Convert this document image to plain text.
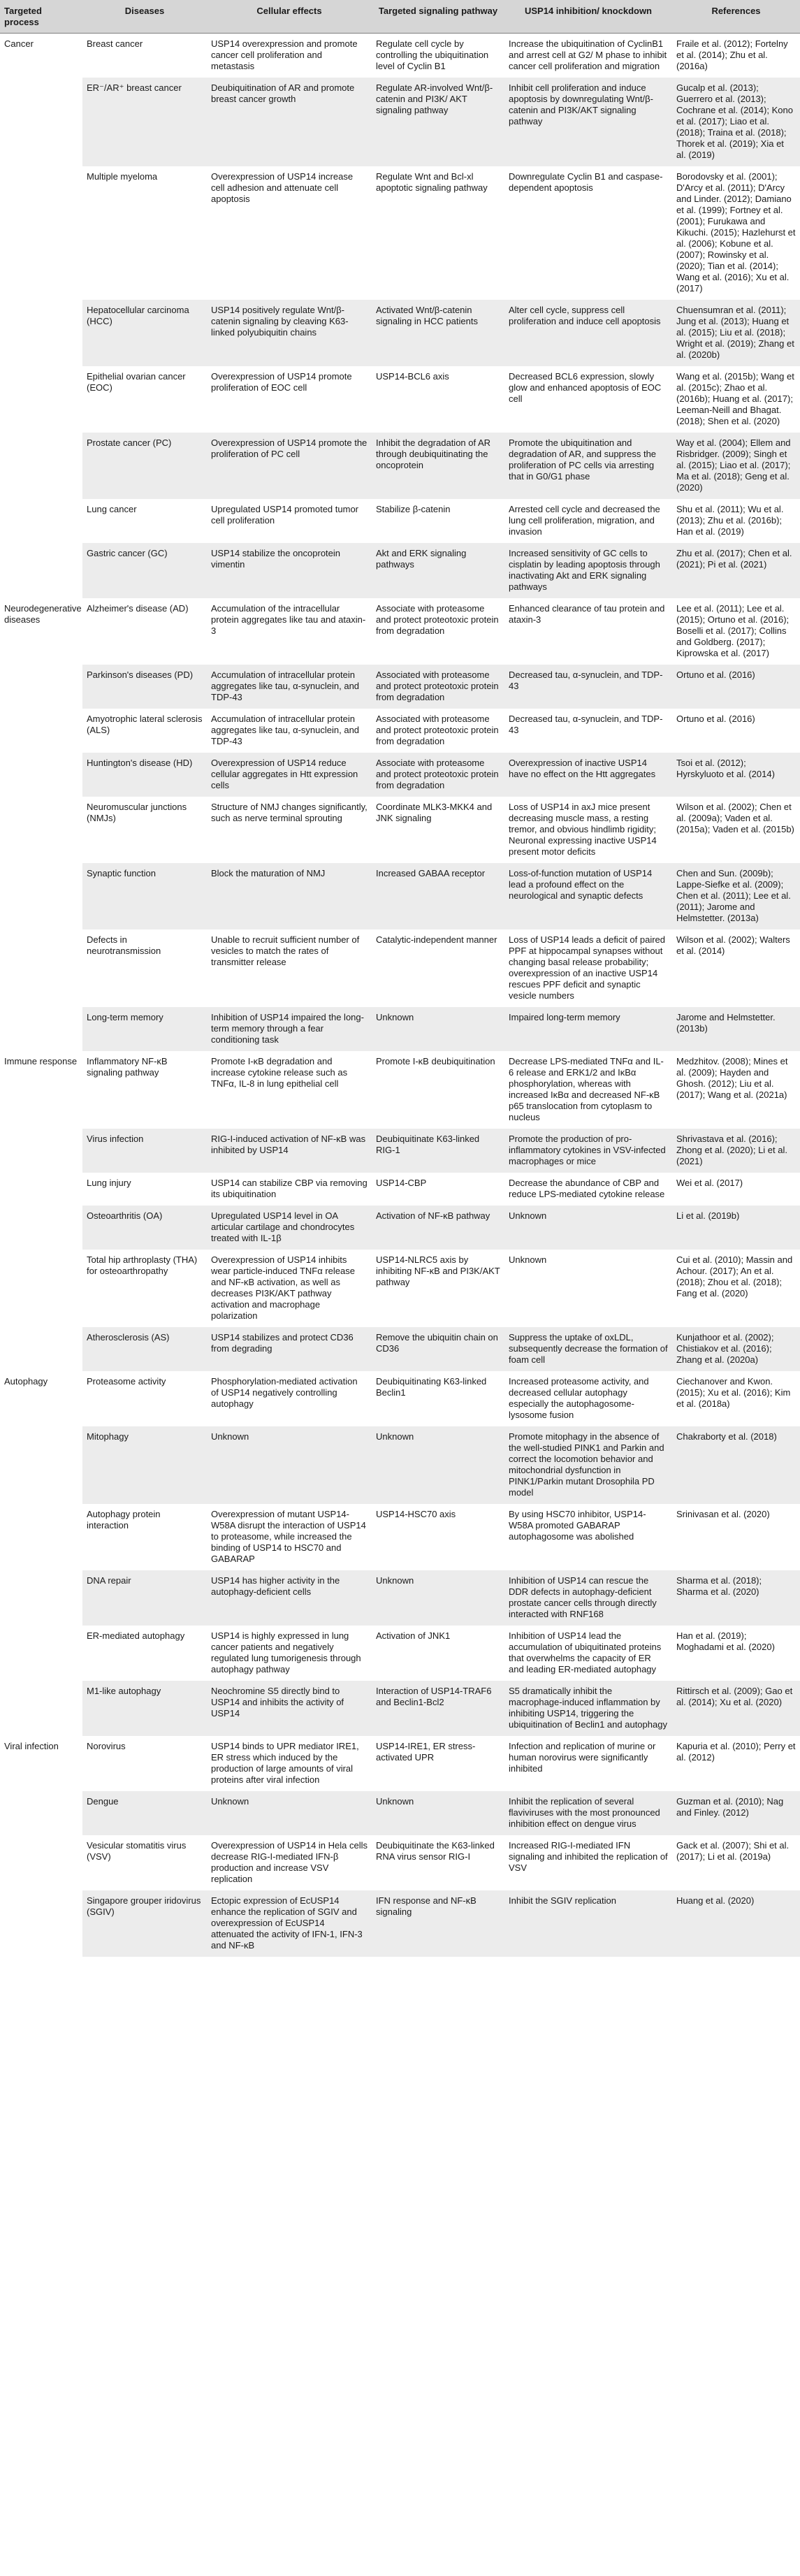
Targeted process	Diseases	Cellular effects	Targeted signaling pathway	USP14 inhibition/ knockdown	References
Cancer	Breast cancer	USP14 overexpression and promote cancer cell proliferation and metastasis	Regulate cell cycle by controlling the ubiquitination level of Cyclin B1	Increase the ubiquitination of CyclinB1 and arrest cell at G2/ M phase to inhibit cancer cell proliferation and migration	Fraile et al. (2012); Fortelny et al. (2014); Zhu et al. (2016a)
	ER⁻/AR⁺ breast cancer	Deubiquitination of AR and promote breast cancer growth	Regulate AR-involved Wnt/β-catenin and PI3K/ AKT signaling pathway	Inhibit cell proliferation and induce apoptosis by downregulating Wnt/β-catenin and PI3K/AKT signaling pathway	Gucalp et al. (2013); Guerrero et al. (2013); Cochrane et al. (2014); Kono et al. (2017); Liao et al. (2018); Traina et al. (2018); Thorek et al. (2019); Xia et al. (2019)
	Multiple myeloma	Overexpression of USP14 increase cell adhesion and attenuate cell apoptosis	Regulate Wnt and Bcl-xl apoptotic signaling pathway	Downregulate Cyclin B1 and caspase-dependent apoptosis	Borodovsky et al. (2001); D'Arcy et al. (2011); D'Arcy and Linder. (2012); Damiano et al. (1999); Fortney et al. (2001); Furukawa and Kikuchi. (2015); Hazlehurst et al. (2006); Kobune et al. (2007); Rowinsky et al. (2020); Tian et al. (2014); Wang et al. (2016); Xu et al. (2017)
	Hepatocellular carcinoma (HCC)	USP14 positively regulate Wnt/β-catenin signaling by cleaving K63-linked polyubiquitin chains	Activated Wnt/β-catenin signaling in HCC patients	Alter cell cycle, suppress cell proliferation and induce cell apoptosis	Chuensumran et al. (2011); Jung et al. (2013); Huang et al. (2015); Liu et al. (2018); Wright et al. (2019); Zhang et al. (2020b)
	Epithelial ovarian cancer (EOC)	Overexpression of USP14 promote proliferation of EOC cell	USP14-BCL6 axis	Decreased BCL6 expression, slowly glow and enhanced apoptosis of EOC cell	Wang et al. (2015b); Wang et al. (2015c); Zhao et al. (2016b); Huang et al. (2017); Leeman-Neill and Bhagat. (2018); Shen et al. (2020)
	Prostate cancer (PC)	Overexpression of USP14 promote the proliferation of PC cell	Inhibit the degradation of AR through deubiquitinating the oncoprotein	Promote the ubiquitination and degradation of AR, and suppress the proliferation of PC cells via arresting that in G0/G1 phase	Way et al. (2004); Ellem and Risbridger. (2009); Singh et al. (2015); Liao et al. (2017); Ma et al. (2018); Geng et al. (2020)
	Lung cancer	Upregulated USP14 promoted tumor cell proliferation	Stabilize β-catenin	Arrested cell cycle and decreased the lung cell proliferation, migration, and invasion	Shu et al. (2011); Wu et al. (2013); Zhu et al. (2016b); Han et al. (2019)
	Gastric cancer (GC)	USP14 stabilize the oncoprotein vimentin	Akt and ERK signaling pathways	Increased sensitivity of GC cells to cisplatin by leading apoptosis through inactivating Akt and ERK signaling pathways	Zhu et al. (2017); Chen et al. (2021); Pi et al. (2021)
Neurodegenerative diseases	Alzheimer's disease (AD)	Accumulation of the intracellular protein aggregates like tau and ataxin-3	Associate with proteasome and protect proteotoxic protein from degradation	Enhanced clearance of tau protein and ataxin-3	Lee et al. (2011); Lee et al. (2015); Ortuno et al. (2016); Boselli et al. (2017); Collins and Goldberg. (2017); Kiprowska et al. (2017)
	Parkinson's diseases (PD)	Accumulation of intracellular protein aggregates like tau, α-synuclein, and TDP-43	Associated with proteasome and protect proteotoxic protein from degradation	Decreased tau, α-synuclein, and TDP-43	Ortuno et al. (2016)
	Amyotrophic lateral sclerosis (ALS)	Accumulation of intracellular protein aggregates like tau, α-synuclein, and TDP-43	Associated with proteasome and protect proteotoxic protein from degradation	Decreased tau, α-synuclein, and TDP-43	Ortuno et al. (2016)
	Huntington's disease (HD)	Overexpression of USP14 reduce cellular aggregates in Htt expression cells	Associate with proteasome and protect proteotoxic protein from degradation	Overexpression of inactive USP14 have no effect on the Htt aggregates	Tsoi et al. (2012); Hyrskyluoto et al. (2014)
	Neuromuscular junctions (NMJs)	Structure of NMJ changes significantly, such as nerve terminal sprouting	Coordinate MLK3-MKK4 and JNK signaling	Loss of USP14 in axJ mice present decreasing muscle mass, a resting tremor, and obvious hindlimb rigidity; Neuronal expressing inactive USP14 present motor deficits	Wilson et al. (2002); Chen et al. (2009a); Vaden et al. (2015a); Vaden et al. (2015b)
	Synaptic function	Block the maturation of NMJ	Increased GABAA receptor	Loss-of-function mutation of USP14 lead a profound effect on the neurological and synaptic defects	Chen and Sun. (2009b); Lappe-Siefke et al. (2009); Chen et al. (2011); Lee et al. (2011); Jarome and Helmstetter. (2013a)
	Defects in neurotransmission	Unable to recruit sufficient number of vesicles to match the rates of transmitter release	Catalytic-independent manner	Loss of USP14 leads a deficit of paired PPF at hippocampal synapses without changing basal release probability; overexpression of an inactive USP14 rescues PPF deficit and synaptic vesicle numbers	Wilson et al. (2002); Walters et al. (2014)
	Long-term memory	Inhibition of USP14 impaired the long-term memory through a fear conditioning task	Unknown	Impaired long-term memory	Jarome and Helmstetter. (2013b)
Immune response	Inflammatory NF-κB signaling pathway	Promote I-κB degradation and increase cytokine release such as TNFα, IL-8 in lung epithelial cell	Promote I-κB deubiquitination	Decrease LPS-mediated TNFα and IL-6 release and ERK1/2 and IκBα phosphorylation, whereas with increased IκBα and decreased NF-κB p65 translocation from cytoplasm to nucleus	Medzhitov. (2008); Mines et al. (2009); Hayden and Ghosh. (2012); Liu et al. (2017); Wang et al. (2021a)
	Virus infection	RIG-I-induced activation of NF-κB was inhibited by USP14	Deubiquitinate K63-linked RIG-1	Promote the production of pro-inflammatory cytokines in VSV-infected macrophages or mice	Shrivastava et al. (2016); Zhong et al. (2020); Li et al. (2021)
	Lung injury	USP14 can stabilize CBP via removing its ubiquitination	USP14-CBP	Decrease the abundance of CBP and reduce LPS-mediated cytokine release	Wei et al. (2017)
	Osteoarthritis (OA)	Upregulated USP14 level in OA articular cartilage and chondrocytes treated with IL-1β	Activation of NF-κB pathway	Unknown	Li et al. (2019b)
	Total hip arthroplasty (THA) for osteoarthropathy	Overexpression of USP14 inhibits wear particle-induced TNFα release and NF-κB activation, as well as decreases PI3K/AKT pathway activation and macrophage polarization	USP14-NLRC5 axis by inhibiting NF-κB and PI3K/AKT pathway	Unknown	Cui et al. (2010); Massin and Achour. (2017); An et al. (2018); Zhou et al. (2018); Fang et al. (2020)
	Atherosclerosis (AS)	USP14 stabilizes and protect CD36 from degrading	Remove the ubiquitin chain on CD36	Suppress the uptake of oxLDL, subsequently decrease the formation of foam cell	Kunjathoor et al. (2002); Chistiakov et al. (2016); Zhang et al. (2020a)
Autophagy	Proteasome activity	Phosphorylation-mediated activation of USP14 negatively controlling autophagy	Deubiquitinating K63-linked Beclin1	Increased proteasome activity, and decreased cellular autophagy especially the autophagosome-lysosome fusion	Ciechanover and Kwon. (2015); Xu et al. (2016); Kim et al. (2018a)
	Mitophagy	Unknown	Unknown	Promote mitophagy in the absence of the well-studied PINK1 and Parkin and correct the locomotion behavior and mitochondrial dysfunction in PINK1/Parkin mutant Drosophila PD model	Chakraborty et al. (2018)
	Autophagy protein interaction	Overexpression of mutant USP14-W58A disrupt the interaction of USP14 to proteasome, while increased the binding of USP14 to HSC70 and GABARAP	USP14-HSC70 axis	By using HSC70 inhibitor, USP14-W58A promoted GABARAP autophagosome was abolished	Srinivasan et al. (2020)
	DNA repair	USP14 has higher activity in the autophagy-deficient cells	Unknown	Inhibition of USP14 can rescue the DDR defects in autophagy-deficient prostate cancer cells through directly interacted with RNF168	Sharma et al. (2018); Sharma et al. (2020)
	ER-mediated autophagy	USP14 is highly expressed in lung cancer patients and negatively regulated lung tumorigenesis through autophagy pathway	Activation of JNK1	Inhibition of USP14 lead the accumulation of ubiquitinated proteins that overwhelms the capacity of ER and leading ER-mediated autophagy	Han et al. (2019); Moghadami et al. (2020)
	M1-like autophagy	Neochromine S5 directly bind to USP14 and inhibits the activity of USP14	Interaction of USP14-TRAF6 and Beclin1-Bcl2	S5 dramatically inhibit the macrophage-induced inflammation by inhibiting USP14, triggering the ubiquitination of Beclin1 and autophagy	Rittirsch et al. (2009); Gao et al. (2014); Xu et al. (2020)
Viral infection	Norovirus	USP14 binds to UPR mediator IRE1, ER stress which induced by the production of large amounts of viral proteins after viral infection	USP14-IRE1, ER stress-activated UPR	Infection and replication of murine or human norovirus were significantly inhibited	Kapuria et al. (2010); Perry et al. (2012)
	Dengue	Unknown	Unknown	Inhibit the replication of several flaviviruses with the most pronounced inhibition effect on dengue virus	Guzman et al. (2010); Nag and Finley. (2012)
	Vesicular stomatitis virus (VSV)	Overexpression of USP14 in Hela cells decrease RIG-I-mediated IFN-β production and increase VSV replication	Deubiquitinate the K63-linked RNA virus sensor RIG-I	Increased RIG-I-mediated IFN signaling and inhibited the replication of VSV	Gack et al. (2007); Shi et al. (2017); Li et al. (2019a)
	Singapore grouper iridovirus (SGIV)	Ectopic expression of EcUSP14 enhance the replication of SGIV and overexpression of EcUSP14 attenuated the activity of IFN-1, IFN-3 and NF-κB	IFN response and NF-κB signaling	Inhibit the SGIV replication	Huang et al. (2020)
